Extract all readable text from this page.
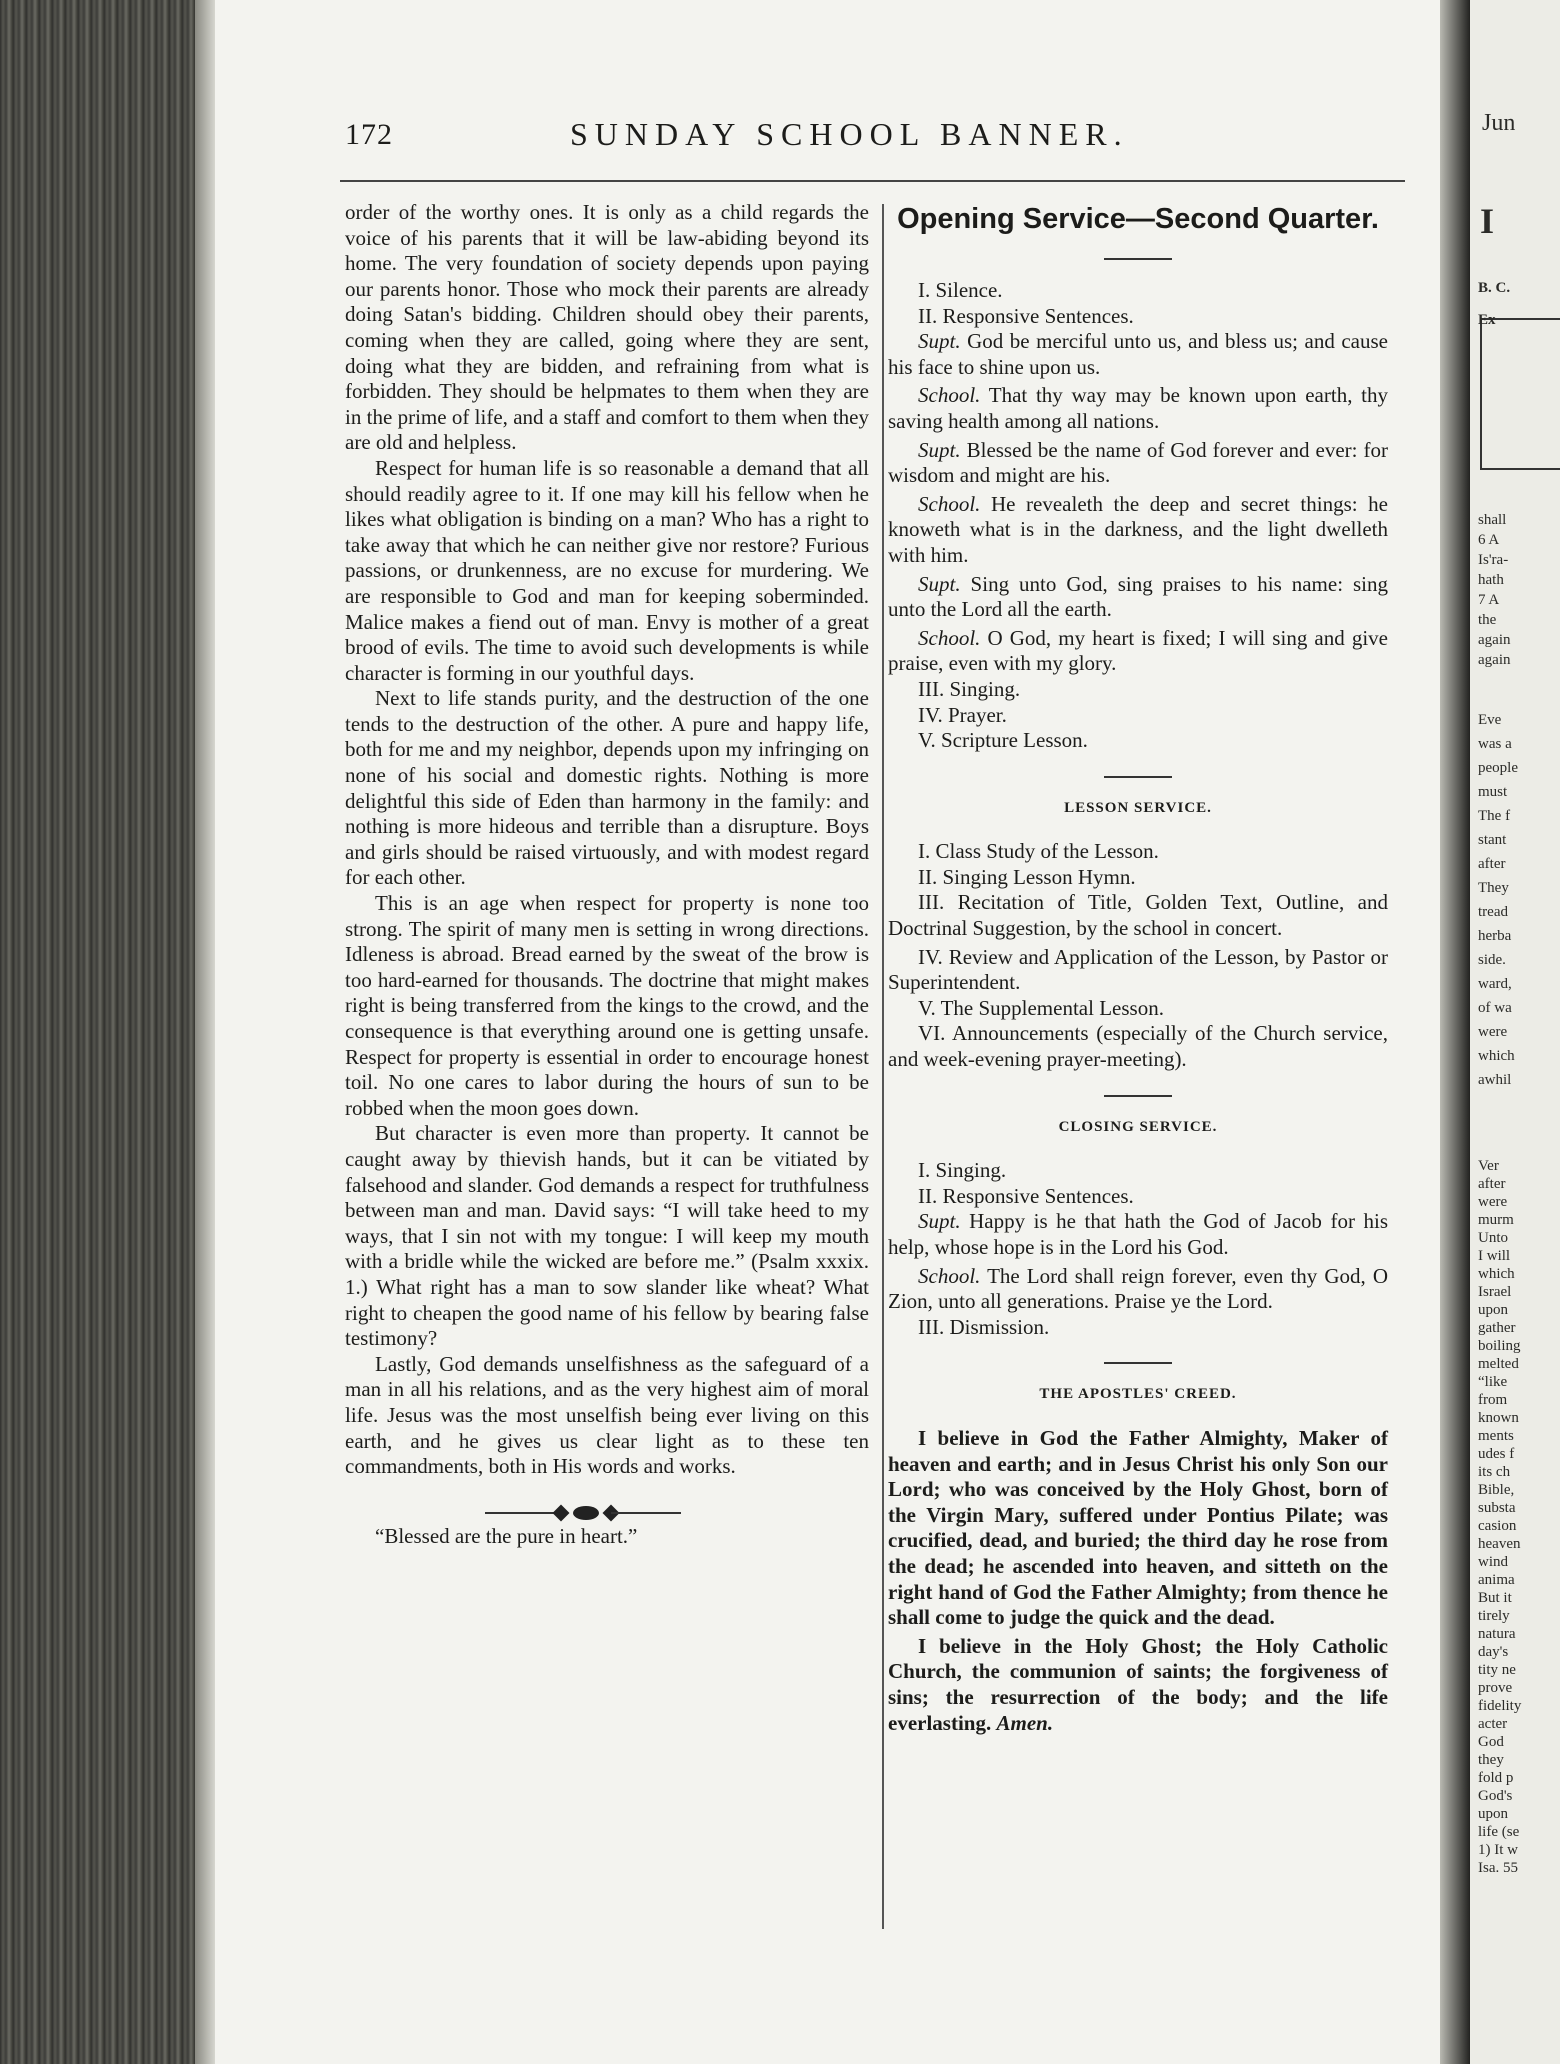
172	SUNDAY SCHOOL BANNER.

order of the worthy ones. It is only as a child regards the voice of his parents that it will be law-abiding beyond its home. The very foundation of society depends upon paying our parents honor. Those who mock their parents are already doing Satan's bidding. Children should obey their parents, coming when they are called, going where they are sent, doing what they are bidden, and refraining from what is forbidden. They should be helpmates to them when they are in the prime of life, and a staff and comfort to them when they are old and helpless.

Respect for human life is so reasonable a demand that all should readily agree to it. If one may kill his fellow when he likes what obligation is binding on a man? Who has a right to take away that which he can neither give nor restore? Furious passions, or drunkenness, are no excuse for murdering. We are responsible to God and man for keeping soberminded. Malice makes a fiend out of man. Envy is mother of a great brood of evils. The time to avoid such developments is while character is forming in our youthful days.

Next to life stands purity, and the destruction of the one tends to the destruction of the other. A pure and happy life, both for me and my neighbor, depends upon my infringing on none of his social and domestic rights. Nothing is more delightful this side of Eden than harmony in the family: and nothing is more hideous and terrible than a disrupture. Boys and girls should be raised virtuously, and with modest regard for each other.

This is an age when respect for property is none too strong. The spirit of many men is setting in wrong directions. Idleness is abroad. Bread earned by the sweat of the brow is too hard-earned for thousands. The doctrine that might makes right is being transferred from the kings to the crowd, and the consequence is that everything around one is getting unsafe. Respect for property is essential in order to encourage honest toil. No one cares to labor during the hours of sun to be robbed when the moon goes down.

But character is even more than property. It cannot be caught away by thievish hands, but it can be vitiated by falsehood and slander. God demands a respect for truthfulness between man and man. David says: “I will take heed to my ways, that I sin not with my tongue: I will keep my mouth with a bridle while the wicked are before me.” (Psalm xxxix. 1.) What right has a man to sow slander like wheat? What right to cheapen the good name of his fellow by bearing false testimony?

Lastly, God demands unselfishness as the safeguard of a man in all his relations, and as the very highest aim of moral life. Jesus was the most unselfish being ever living on this earth, and he gives us clear light as to these ten commandments, both in His words and works.

“Blessed are the pure in heart.”

Opening Service—Second Quarter.

I. Silence.

II. Responsive Sentences.

Supt. God be merciful unto us, and bless us; and cause his face to shine upon us.

School. That thy way may be known upon earth, thy saving health among all nations.

Supt. Blessed be the name of God forever and ever: for wisdom and might are his.

School. He revealeth the deep and secret things: he knoweth what is in the darkness, and the light dwelleth with him.

Supt. Sing unto God, sing praises to his name: sing unto the Lord all the earth.

School. O God, my heart is fixed; I will sing and give praise, even with my glory.

III. Singing.

IV. Prayer.

V. Scripture Lesson.

LESSON SERVICE.

I. Class Study of the Lesson.

II. Singing Lesson Hymn.

III. Recitation of Title, Golden Text, Outline, and Doctrinal Suggestion, by the school in concert.

IV. Review and Application of the Lesson, by Pastor or Superintendent.

V. The Supplemental Lesson.

VI. Announcements (especially of the Church service, and week-evening prayer-meeting).

CLOSING SERVICE.

I. Singing.

II. Responsive Sentences.

Supt. Happy is he that hath the God of Jacob for his help, whose hope is in the Lord his God.

School. The Lord shall reign forever, even thy God, O Zion, unto all generations. Praise ye the Lord.

III. Dismission.

THE APOSTLES' CREED.

I believe in God the Father Almighty, Maker of heaven and earth; and in Jesus Christ his only Son our Lord; who was conceived by the Holy Ghost, born of the Virgin Mary, suffered under Pontius Pilate; was crucified, dead, and buried; the third day he rose from the dead; he ascended into heaven, and sitteth on the right hand of God the Father Almighty; from thence he shall come to judge the quick and the dead.

I believe in the Holy Ghost; the Holy Catholic Church, the communion of saints; the forgiveness of sins; the resurrection of the body; and the life everlasting. Amen.

Jun
I
B. C.
Ex
shall
6 A
Is'ra-
hath
7 A
the
again
again
Eve
was a
people
must
The f
stant
after
They
tread
herba
side.
ward,
of wa
were
which
awhil
Ver
after
were
murm
Unto
I will
which
Israel
upon
gather
boiling
melted
“like
from
known
ments
udes f
its ch
Bible,
substa
casion
heaven
wind
anima
But it
tirely
natura
day's
tity ne
prove
fidelity
acter
God
they
fold p
God's
upon
life (se
1) It w
Isa. 55
